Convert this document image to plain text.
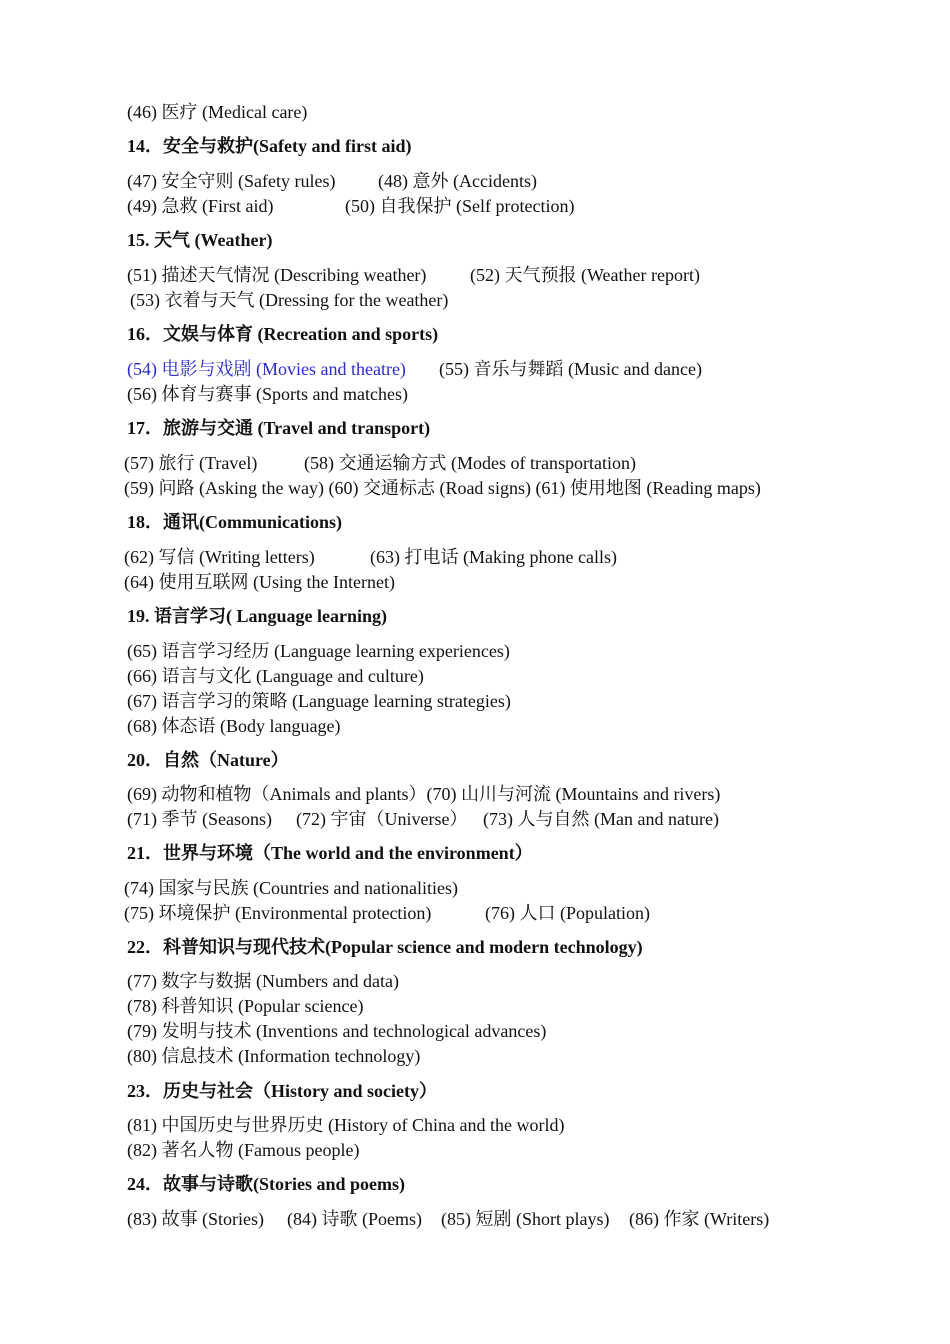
(46) 医疗 (Medical care)
14．安全与救护(Safety and first aid)
(47) 安全守则 (Safety rules) (48) 意外 (Accidents)
(49) 急救 (First aid)	(50) 自我保护 (Self protection)
15. 天气 (Weather)
(51) 描述天气情况 (Describing weather) (52) 天气预报 (Weather report)
(53) 衣着与天气 (Dressing for the weather)
16．文娱与体育 (Recreation and sports)
(54) 电影与戏剧 (Movies and theatre) (55) 音乐与舞蹈 (Music and dance)
(56) 体育与赛事 (Sports and matches)
17．旅游与交通 (Travel and transport)
(57) 旅行 (Travel)	(58) 交通运输方式 (Modes of transportation)
(59) 问路 (Asking the way) (60) 交通标志 (Road signs) (61) 使用地图 (Reading maps)
18．通讯(Communications)
(62) 写信 (Writing letters)	(63) 打电话 (Making phone calls)
(64) 使用互联网 (Using the Internet)
19. 语言学习( Language learning)
(65) 语言学习经历 (Language learning experiences)
(66) 语言与文化 (Language and culture)
(67) 语言学习的策略 (Language learning strategies)
(68) 体态语 (Body language)
20．自然（Nature）
(69) 动物和植物（Animals and plants）(70) 山川与河流 (Mountains and rivers)
(71) 季节 (Seasons) (72) 宇宙（Universe） (73) 人与自然 (Man and nature)
21．世界与环境（The world and the environment）
(74) 国家与民族 (Countries and nationalities)
(75) 环境保护 (Environmental protection)	(76) 人口 (Population)
22．科普知识与现代技术(Popular science and modern technology)
(77) 数字与数据 (Numbers and data)
(78) 科普知识 (Popular science)
(79) 发明与技术 (Inventions and technological advances)
(80) 信息技术 (Information technology)
23．历史与社会（History and society）
(81) 中国历史与世界历史 (History of China and the world)
(82) 著名人物 (Famous people)
24．故事与诗歌(Stories and poems)
(83) 故事 (Stories) (84) 诗歌 (Poems) (85) 短剧 (Short plays) (86) 作家 (Writers)
